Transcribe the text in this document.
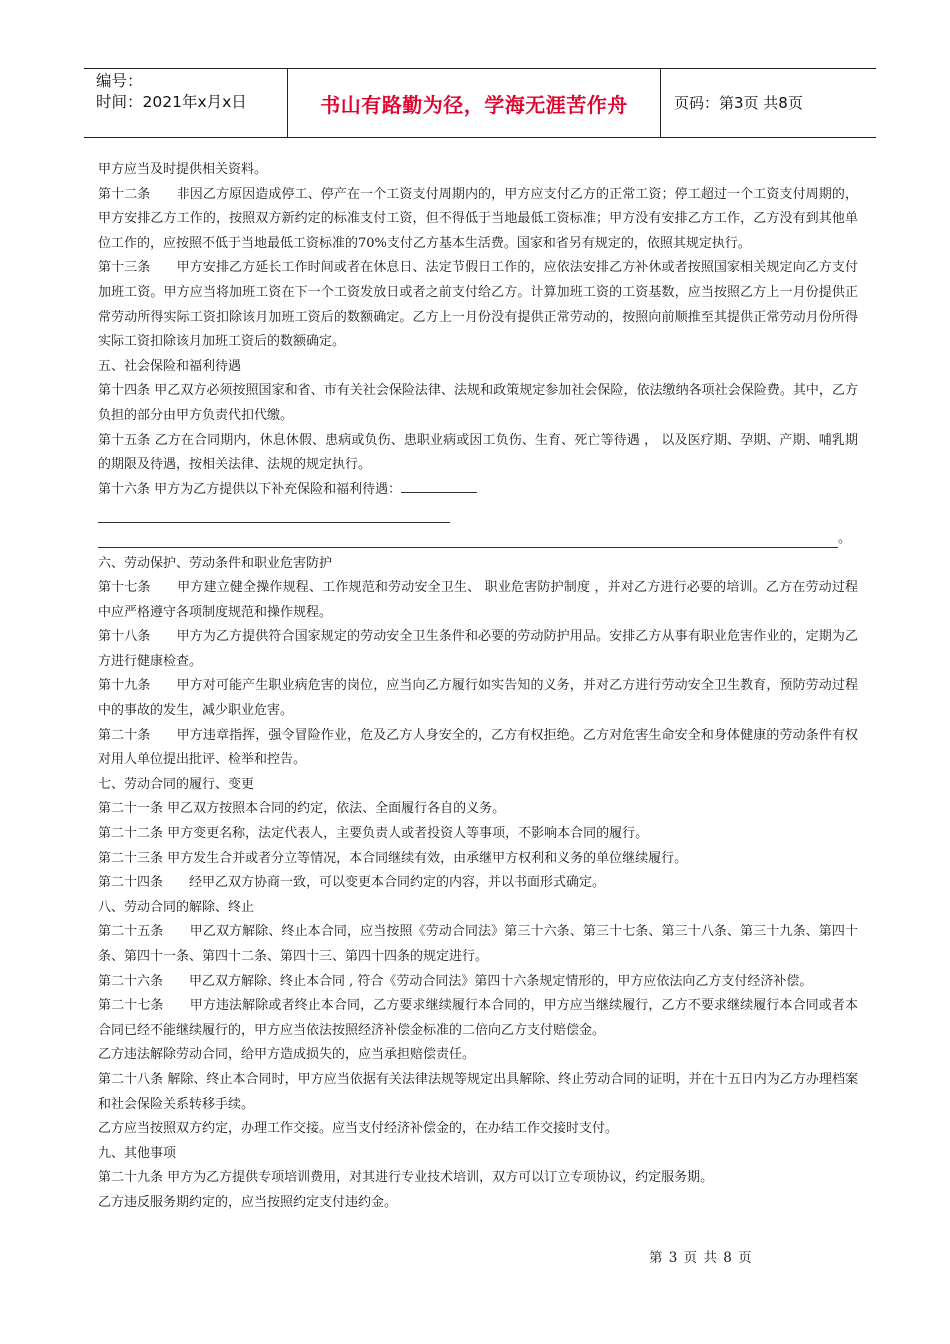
编号：
时间：2021年x月x日	书山有路勤为径，学海无涯苦作舟	页码：第3页 共8页

甲方应当及时提供相关资料。

第十二条　　非因乙方原因造成停工、停产在一个工资支付周期内的，甲方应支付乙方的正常工资；停工超过一个工资支付周期的，甲方安排乙方工作的，按照双方新约定的标准支付工资，但不得低于当地最低工资标准；甲方没有安排乙方工作，乙方没有到其他单位工作的，应按照不低于当地最低工资标准的70%支付乙方基本生活费。国家和省另有规定的，依照其规定执行。

第十三条　　甲方安排乙方延长工作时间或者在休息日、法定节假日工作的，应依法安排乙方补休或者按照国家相关规定向乙方支付加班工资。甲方应当将加班工资在下一个工资发放日或者之前支付给乙方。计算加班工资的工资基数，应当按照乙方上一月份提供正常劳动所得实际工资扣除该月加班工资后的数额确定。乙方上一月份没有提供正常劳动的，按照向前顺推至其提供正常劳动月份所得实际工资扣除该月加班工资后的数额确定。

五、社会保险和福利待遇

第十四条 甲乙双方必须按照国家和省、市有关社会保险法律、法规和政策规定参加社会保险，依法缴纳各项社会保险费。其中，乙方负担的部分由甲方负责代扣代缴。

第十五条 乙方在合同期内，休息休假、患病或负伤、患职业病或因工负伤、生育、死亡等待遇 ， 以及医疗期、孕期、产期、哺乳期的期限及待遇，按相关法律、法规的规定执行。

第十六条 甲方为乙方提供以下补充保险和福利待遇：

。

六、劳动保护、劳动条件和职业危害防护

第十七条　　甲方建立健全操作规程、工作规范和劳动安全卫生、 职业危害防护制度 ，并对乙方进行必要的培训。乙方在劳动过程中应严格遵守各项制度规范和操作规程。

第十八条　　甲方为乙方提供符合国家规定的劳动安全卫生条件和必要的劳动防护用品。安排乙方从事有职业危害作业的，定期为乙方进行健康检查。

第十九条　　甲方对可能产生职业病危害的岗位，应当向乙方履行如实告知的义务，并对乙方进行劳动安全卫生教育，预防劳动过程中的事故的发生，减少职业危害。

第二十条　　甲方违章指挥，强令冒险作业，危及乙方人身安全的，乙方有权拒绝。乙方对危害生命安全和身体健康的劳动条件有权对用人单位提出批评、检举和控告。

七、劳动合同的履行、变更

第二十一条 甲乙双方按照本合同的约定，依法、全面履行各自的义务。

第二十二条 甲方变更名称，法定代表人，主要负责人或者投资人等事项，不影响本合同的履行。

第二十三条 甲方发生合并或者分立等情况，本合同继续有效，由承继甲方权利和义务的单位继续履行。

第二十四条　　经甲乙双方协商一致，可以变更本合同约定的内容，并以书面形式确定。

八、劳动合同的解除、终止

第二十五条　　甲乙双方解除、终止本合同，应当按照《劳动合同法》第三十六条、第三十七条、第三十八条、第三十九条、第四十条、第四十一条、第四十二条、第四十三、第四十四条的规定进行。

第二十六条　　甲乙双方解除、终止本合同 , 符合《劳动合同法》第四十六条规定情形的，甲方应依法向乙方支付经济补偿。

第二十七条　　甲方违法解除或者终止本合同，乙方要求继续履行本合同的，甲方应当继续履行，乙方不要求继续履行本合同或者本合同已经不能继续履行的，甲方应当依法按照经济补偿金标准的二倍向乙方支付赔偿金。

乙方违法解除劳动合同，给甲方造成损失的，应当承担赔偿责任。

第二十八条 解除、终止本合同时，甲方应当依据有关法律法规等规定出具解除、终止劳动合同的证明，并在十五日内为乙方办理档案和社会保险关系转移手续。

乙方应当按照双方约定，办理工作交接。应当支付经济补偿金的，在办结工作交接时支付。

九、其他事项

第二十九条 甲方为乙方提供专项培训费用，对其进行专业技术培训，双方可以订立专项协议，约定服务期。

乙方违反服务期约定的，应当按照约定支付违约金。

第 3 页 共 8 页
